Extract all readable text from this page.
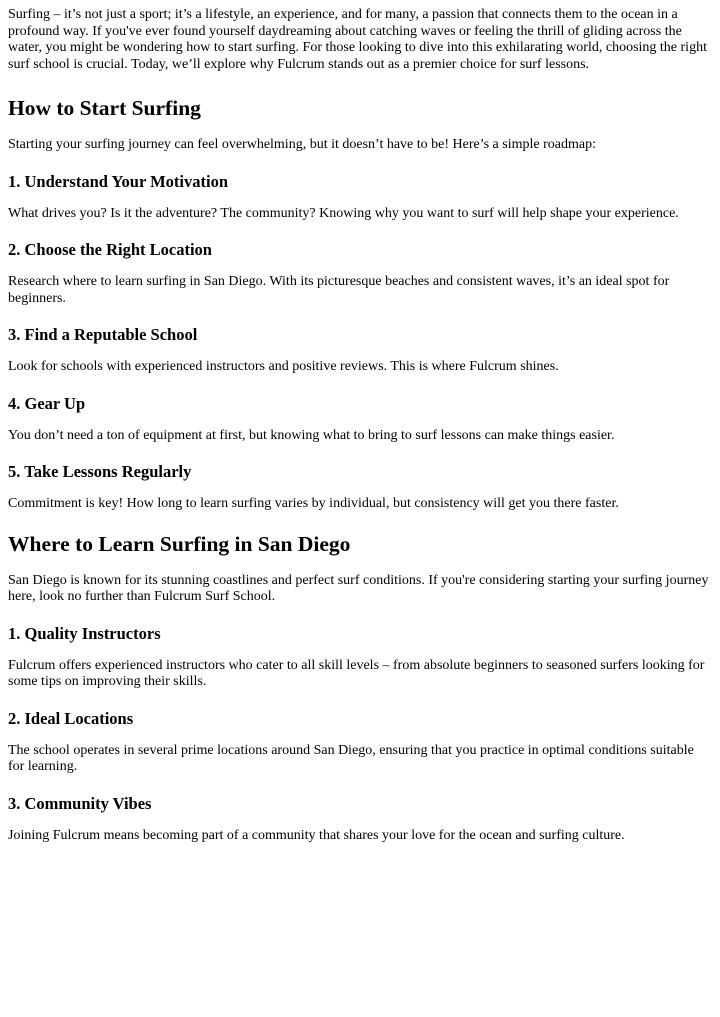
Surfing – it’s not just a sport; it’s a lifestyle, an experience, and for many, a passion that connects them to the ocean in a profound way. If you've ever found yourself daydreaming about catching waves or feeling the thrill of gliding across the water, you might be wondering how to start surfing. For those looking to dive into this exhilarating world, choosing the right surf school is crucial. Today, we’ll explore why Fulcrum stands out as a premier choice for surf lessons.

How to Start Surfing

Starting your surfing journey can feel overwhelming, but it doesn’t have to be! Here’s a simple roadmap:

1. Understand Your Motivation

What drives you? Is it the adventure? The community? Knowing why you want to surf will help shape your experience.

2. Choose the Right Location

Research where to learn surfing in San Diego. With its picturesque beaches and consistent waves, it’s an ideal spot for beginners.

3. Find a Reputable School

Look for schools with experienced instructors and positive reviews. This is where Fulcrum shines.

4. Gear Up

You don’t need a ton of equipment at first, but knowing what to bring to surf lessons can make things easier.

5. Take Lessons Regularly

Commitment is key! How long to learn surfing varies by individual, but consistency will get you there faster.

Where to Learn Surfing in San Diego

San Diego is known for its stunning coastlines and perfect surf conditions. If you're considering starting your surfing journey here, look no further than Fulcrum Surf School.

1. Quality Instructors

Fulcrum offers experienced instructors who cater to all skill levels – from absolute beginners to seasoned surfers looking for some tips on improving their skills.

2. Ideal Locations

The school operates in several prime locations around San Diego, ensuring that you practice in optimal conditions suitable for learning.

3. Community Vibes

Joining Fulcrum means becoming part of a community that shares your love for the ocean and surfing culture.
